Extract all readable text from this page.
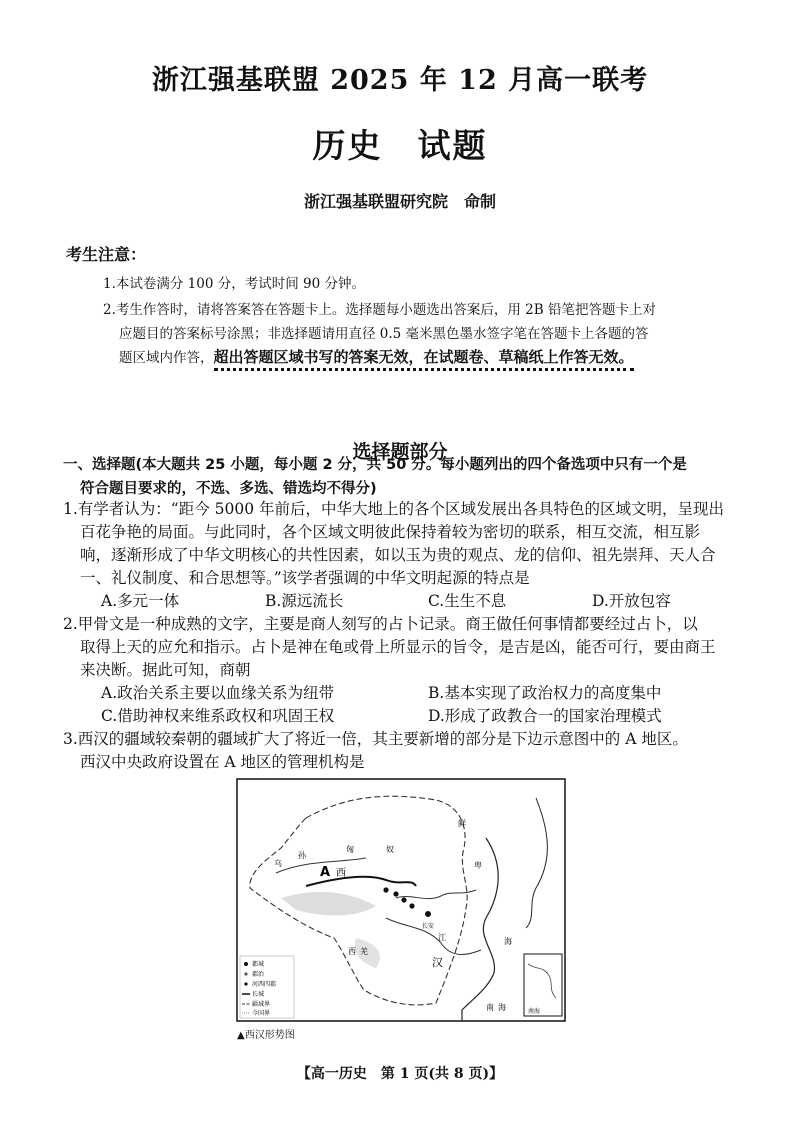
浙江强基联盟 2025 年 12 月高一联考
历史　试题
浙江强基联盟研究院　命制
考生注意：
1.本试卷满分 100 分，考试时间 90 分钟。
2.考生作答时，请将答案答在答题卡上。选择题每小题选出答案后，用 2B 铅笔把答题卡上对
应题目的答案标号涂黑；非选择题请用直径 0.5 毫米黑色墨水签字笔在答题卡上各题的答
题区域内作答，超出答题区域书写的答案无效，在试题卷、草稿纸上作答无效。
选择题部分
一、选择题(本大题共 25 小题，每小题 2 分，共 50 分。每小题列出的四个备选项中只有一个是
符合题目要求的，不选、多选、错选均不得分)
1.有学者认为：“距今 5000 年前后，中华大地上的各个区域发展出各具特色的区域文明，呈现出
百花争艳的局面。与此同时，各个区域文明彼此保持着较为密切的联系，相互交流，相互影
响，逐渐形成了中华文明核心的共性因素，如以玉为贵的观点、龙的信仰、祖先崇拜、天人合
一、礼仪制度、和合思想等。”该学者强调的中华文明起源的特点是
A.多元一体	B.源远流长	C.生生不息	D.开放包容
2.甲骨文是一种成熟的文字，主要是商人刻写的占卜记录。商王做任何事情都要经过占卜，以
取得上天的应允和指示。占卜是神在龟或骨上所显示的旨令，是吉是凶，能否可行，要由商王
来决断。据此可知，商朝
A.政治关系主要以血缘关系为纽带	B.基本实现了政治权力的高度集中
C.借助神权来维系政权和巩固王权	D.形成了政教合一的国家治理模式
3.西汉的疆域较秦朝的疆域扩大了将近一倍，其主要新增的部分是下边示意图中的 A 地区。
西汉中央政府设置在 A 地区的管理机构是
A 西
乌
孙
匈	奴
鲜
卑
西 羌
汉
长安
江	海
南 海	南海
都城
郡治
河西四郡
长城
疆域界
今国界
▲西汉形势图
【高一历史　第 1 页(共 8 页)】
